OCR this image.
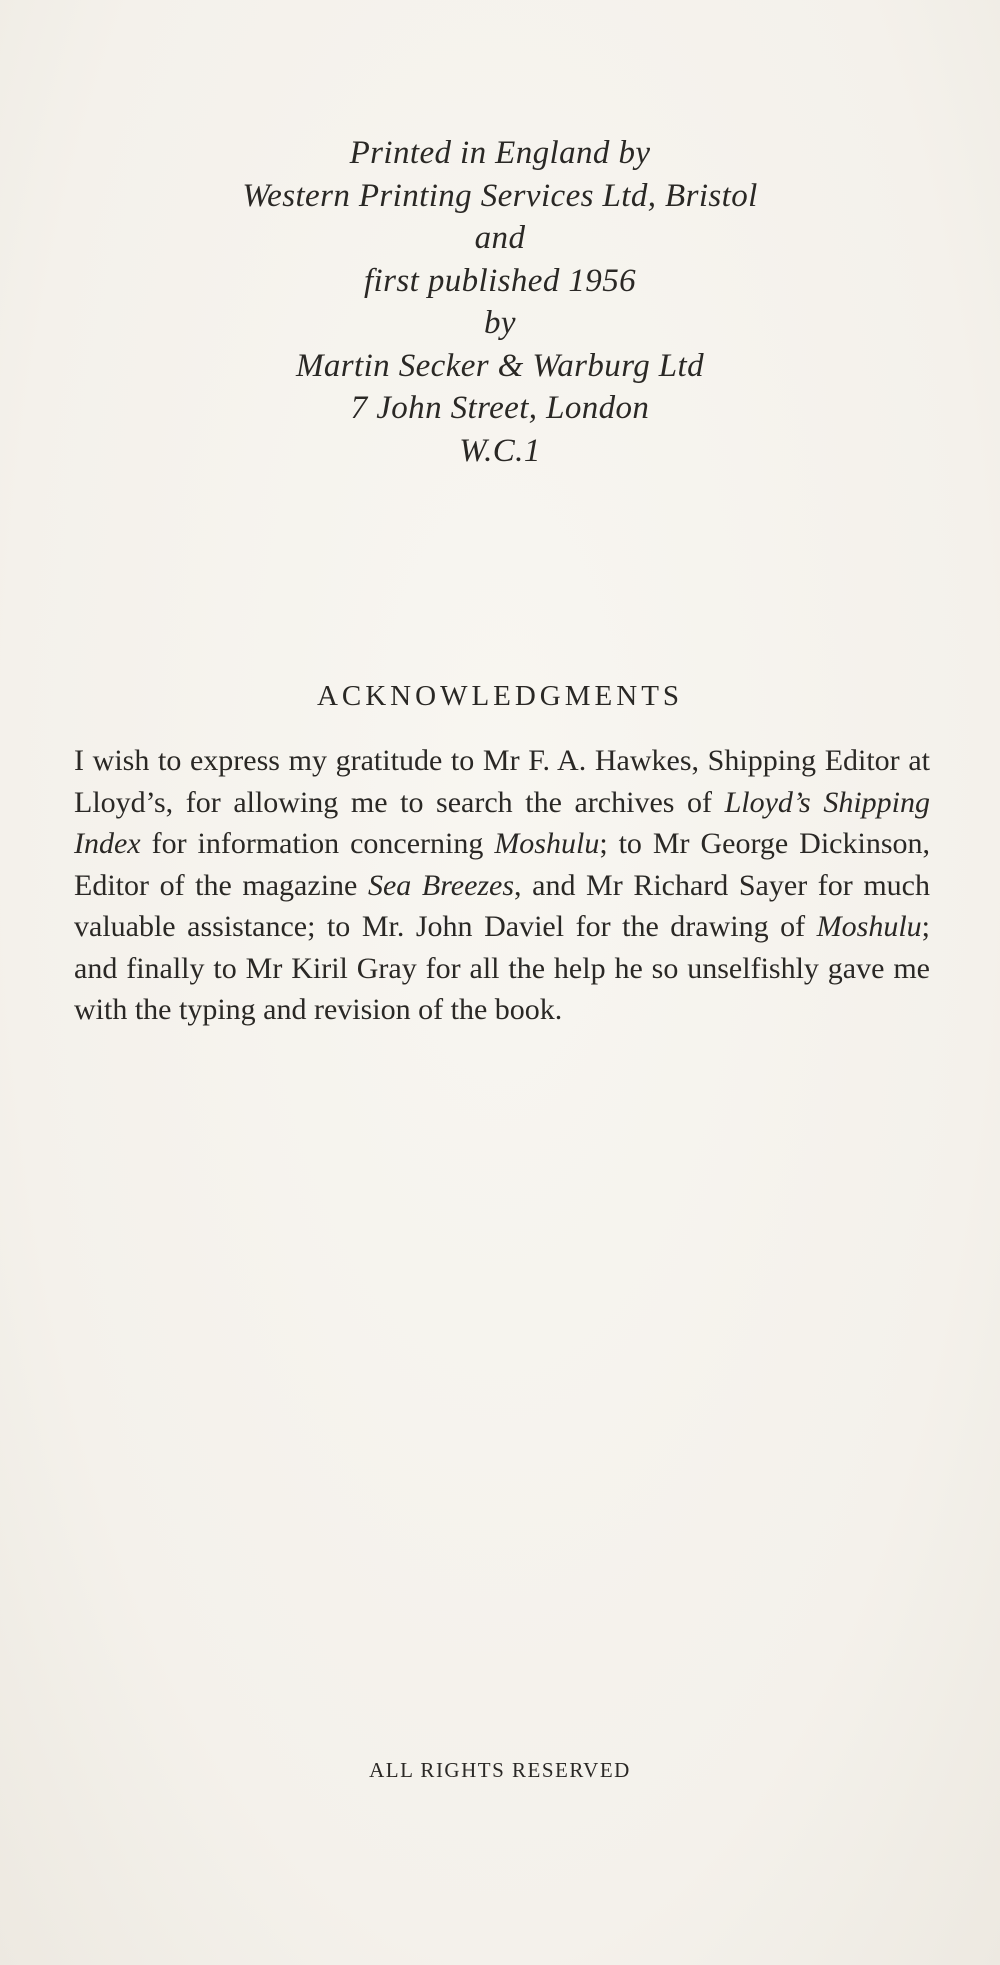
Printed in England by
Western Printing Services Ltd, Bristol
and
first published 1956
by
Martin Secker & Warburg Ltd
7 John Street, London
W.C.1
ACKNOWLEDGMENTS

I wish to express my gratitude to Mr F. A. Hawkes, Shipping Editor at Lloyd’s, for allowing me to search the archives of Lloyd’s Shipping Index for information concerning Moshulu; to Mr George Dickinson, Editor of the magazine Sea Breezes, and Mr Richard Sayer for much valuable assistance; to Mr. John Daviel for the drawing of Moshulu; and finally to Mr Kiril Gray for all the help he so unselfishly gave me with the typing and revision of the book.

ALL RIGHTS RESERVED
